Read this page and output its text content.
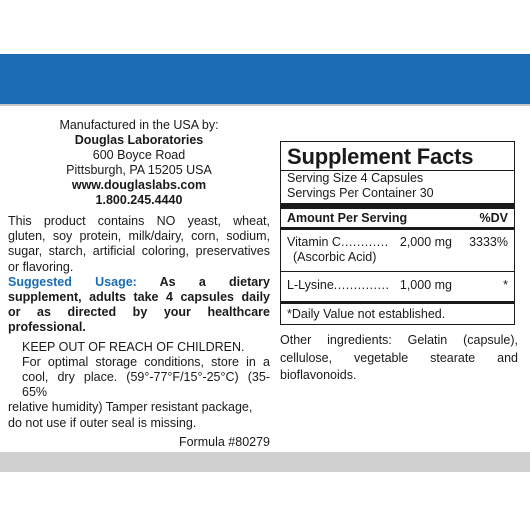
Manufactured in the USA by:
Douglas Laboratories
600 Boyce Road
Pittsburgh, PA 15205 USA
www.douglaslabs.com
1.800.245.4440

This product contains NO yeast, wheat,
gluten, soy protein, milk/dairy, corn, sodium,
sugar, starch, artificial coloring, preservatives
or flavoring.

Suggested Usage: As a dietary
supplement, adults take 4 capsules daily
or as directed by your healthcare
professional.

KEEP OUT OF REACH OF CHILDREN.

For optimal storage conditions, store in a
cool, dry place. (59°-77°F/15°-25°C) (35-65%

relative humidity) Tamper resistant package,
do not use if outer seal is missing.

Formula #80279

Supplement Facts
Serving Size 4 Capsules
Servings Per Container 30
Amount Per Serving	%DV
Vitamin C ............ 2,000 mg	3333%
(Ascorbic Acid)
L-Lysine .............. 1,000 mg	*
*Daily Value not established.
Other ingredients: Gelatin (capsule), cellulose, vegetable stearate and bioflavonoids.
